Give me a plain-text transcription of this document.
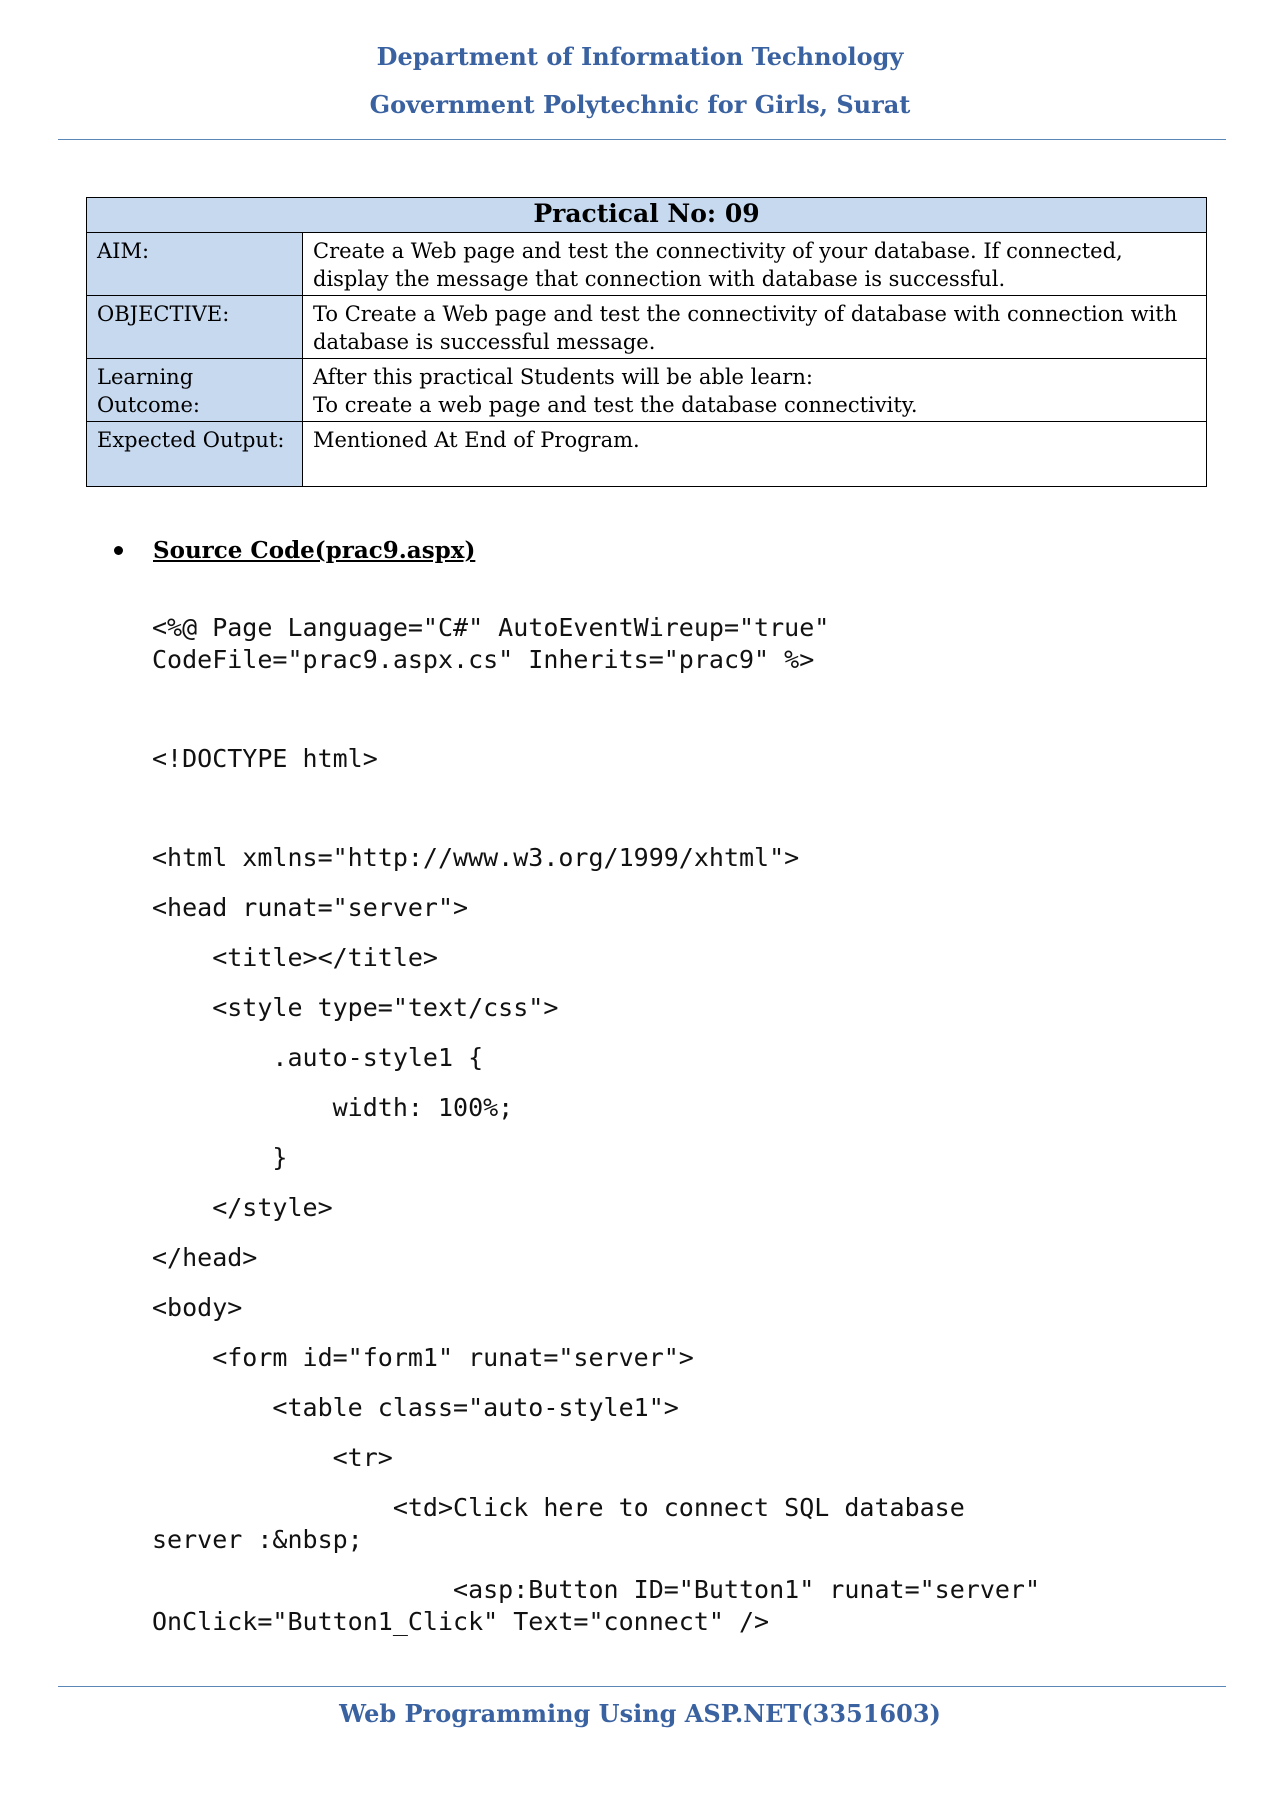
Department of Information Technology
Government Polytechnic for Girls, Surat
Practical No: 09	
AIM:	Create a Web page and test the connectivity of your database. If connected, display the message that connection with database is successful.
OBJECTIVE:	To Create a Web page and test the connectivity of database with connection with database is successful message.
Learning Outcome:	After this practical Students will be able learn:
To create a web page and test the database connectivity.

Expected Output:	Mentioned At End of Program.
Source Code(prac9.aspx)
<%@ Page Language="C#" AutoEventWireup="true"
CodeFile="prac9.aspx.cs" Inherits="prac9" %>
<!DOCTYPE html>
<html xmlns="http://www.w3.org/1999/xhtml">
<head runat="server">
<title></title>
<style type="text/css">
.auto-style1 {
width: 100%;
}
</style>
</head>
<body>
<form id="form1" runat="server">
<table class="auto-style1">
<tr>
<td>Click here to connect SQL database
server :&nbsp;
<asp:Button ID="Button1" runat="server"
OnClick="Button1_Click" Text="connect" />
Web Programming Using ASP.NET(3351603)
